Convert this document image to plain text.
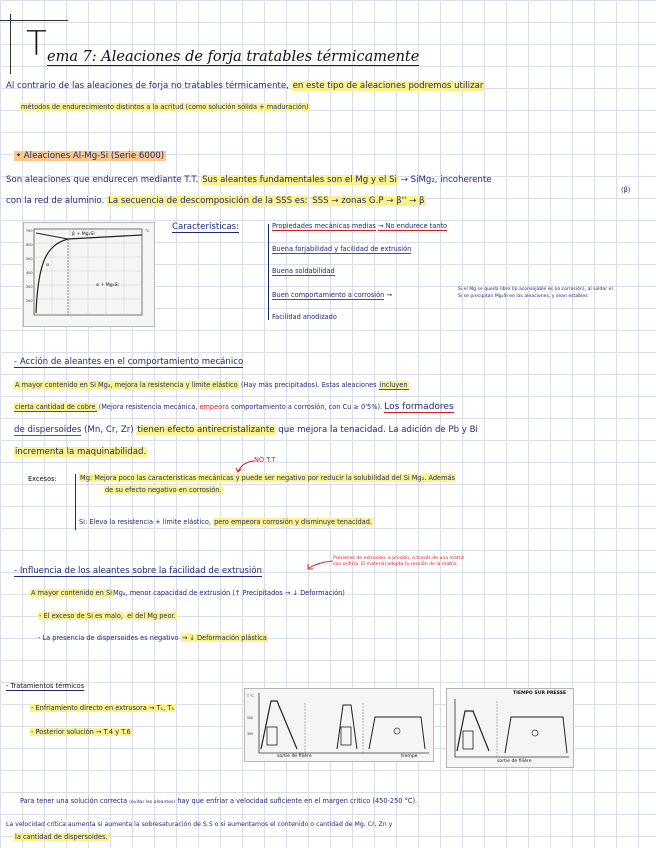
T ema 7: Aleaciones de forja tratables térmicamente
Al contrario de las aleaciones de forja no tratables térmicamente, en este tipo de aleaciones podremos utilizar
métodos de endurecimiento distintos a la acritud (como solución sólida + maduración)
• Aleaciones Al-Mg-Si (Serie 6000)
Son aleaciones que endurecen mediante T.T. Sus aleantes fundamentales son el Mg y el Si → SiMg₂, incoherente
(β)
con la red de aluminio. La secuencia de descomposición de la SSS es: SSS → zonas G.P → β'' → β
700
600
500
400
300
200
°C
β + Mg₂Si
α + Mg₂Si
α
Características:	Propiedades mecánicas medias → No endurece tanto
Buena forjabilidad y facilidad de extrusión
Buena soldabilidad
Buen comportamiento a corrosión →
Si el Mg se queda libre (lo aconsejable es no corrosión), al soldar el
Si se precipitan Mg₂Si en las aleaciones, y sean estables
Facilidad anodizado
- Acción de aleantes en el comportamiento mecánico
A mayor contenido en Si Mg₂, mejora la resistencia y límite elástico (Hay más precipitados). Estas aleaciones incluyen
cierta cantidad de cobre (Mejora resistencia mecánica, empeora comportamiento a corrosión, con Cu ≥ 0'5%). Los formadores
de dispersoides (Mn, Cr, Zr) tienen efecto antirecristalizante que mejora la tenacidad. La adición de Pb y Bi
incrementa la maquinabilidad.
NO T.T
Excesos:	Mg: Mejora poco las características mecánicas y puede ser negativo por reducir la solubilidad del Si Mg₂. Además
de su efecto negativo en corrosión.
Si: Eleva la resistencia + límite elástico, pero empeora corrosión y disminuye tenacidad.
- Influencia de los aleantes sobre la facilidad de extrusión
Presiones de extrusión, a presión, a través de una matriz
con orificio. El material adopta la sección de la matriz.
A mayor contenido en SiMg₂, menor capacidad de extrusión (↑ Precipitados → ↓ Deformación)
- El exceso de Si es malo, el del Mg peor.
- La presencia de dispersoides es negativo → ↓ Deformación plástica
- Tratamientos térmicos
- Enfriamiento directo en extrusora → T₁, T₅
- Posterior solución → T.4 y T.6
T °C
500
300
sortie de filière	trempe
TIEMPO SUR PRESSE
sortie de filière
Para tener una solución correcta (evitar los aleantes) hay que enfriar a velocidad suficiente en el margen crítico (450-250 °C).
La velocidad crítica aumenta si aumenta la sobresaturación de S.S o si aumentamos el contenido o cantidad de Mg, Cr, Zn y
la cantidad de dispersoides.
